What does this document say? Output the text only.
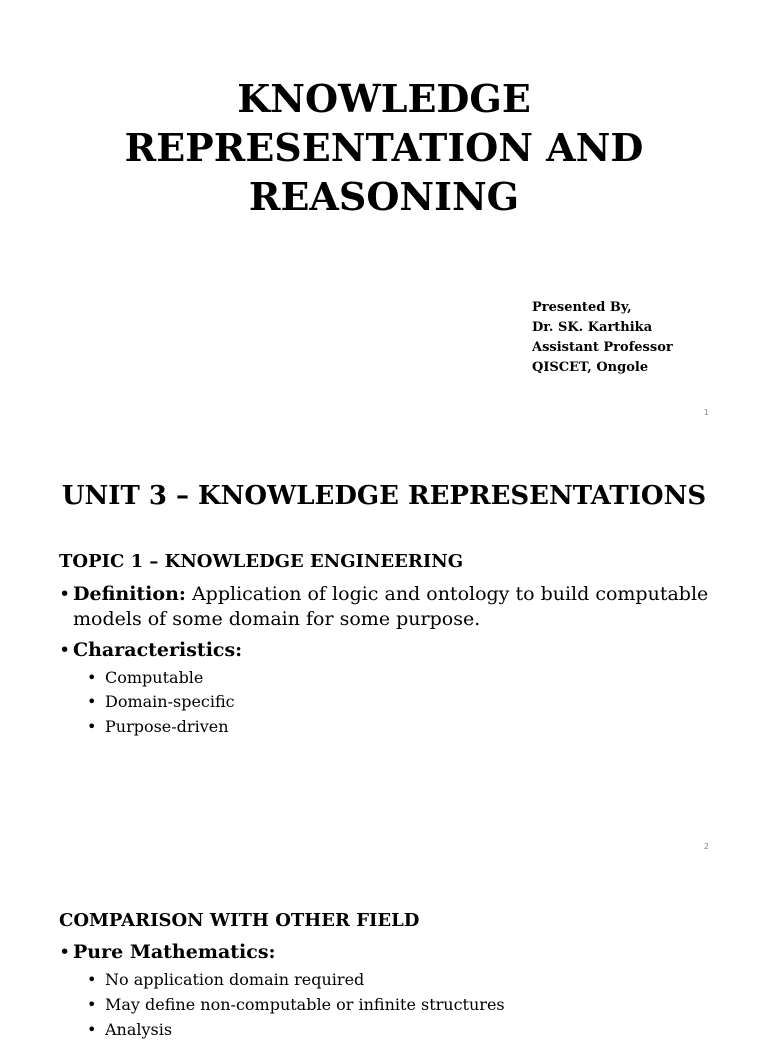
KNOWLEDGE
REPRESENTATION AND
REASONING
Presented By,
Dr. SK. Karthika
Assistant Professor
QISCET, Ongole
1
UNIT 3 – KNOWLEDGE REPRESENTATIONS
TOPIC 1 – KNOWLEDGE ENGINEERING
• Definition: Application of logic and ontology to build computable models of some domain for some purpose.
• Characteristics:
• Computable
• Domain-specific
• Purpose-driven
2
COMPARISON WITH OTHER FIELD
• Pure Mathematics:
• No application domain required
• May define non-computable or infinite structures
• Analysis
